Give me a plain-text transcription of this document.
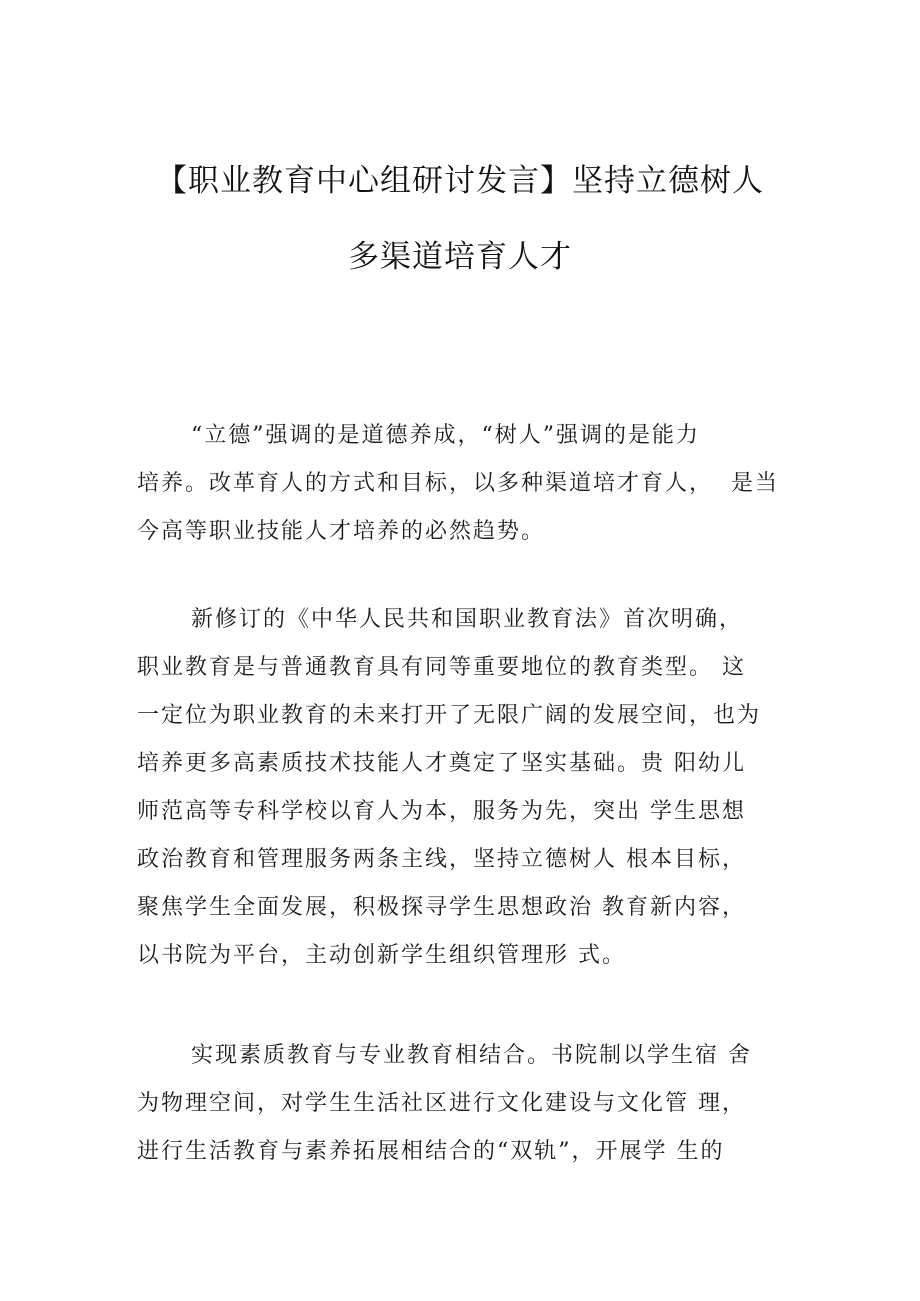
【职业教育中心组研讨发言】坚持立德树人
多渠道培育人才
“立德”强调的是道德养成，“树人”强调的是能力
培养。改革育人的方式和目标，以多种渠道培才育人，  是当
今高等职业技能人才培养的必然趋势。
新修订的《中华人民共和国职业教育法》首次明确，
职业教育是与普通教育具有同等重要地位的教育类型。 这
一定位为职业教育的未来打开了无限广阔的发展空间，也为
培养更多高素质技术技能人才奠定了坚实基础。贵 阳幼儿
师范高等专科学校以育人为本，服务为先，突出 学生思想
政治教育和管理服务两条主线，坚持立德树人 根本目标，
聚焦学生全面发展，积极探寻学生思想政治 教育新内容，
以书院为平台，主动创新学生组织管理形 式。
实现素质教育与专业教育相结合。书院制以学生宿 舍
为物理空间，对学生生活社区进行文化建设与文化管 理，
进行生活教育与素养拓展相结合的“双轨”，开展学 生的
